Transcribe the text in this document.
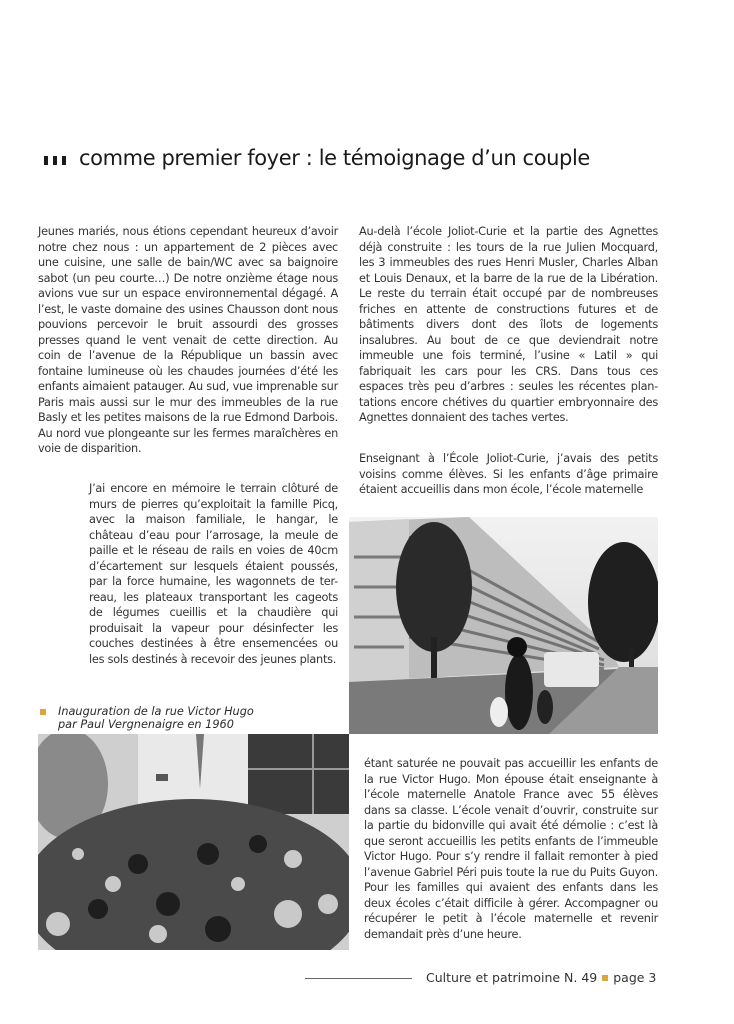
comme premier foyer : le témoignage d’un couple
Jeunes mariés, nous étions cependant heureux d’avoir notre chez nous : un appartement de 2 pièces avec une cuisine, une salle de bain/WC avec sa baignoire sabot (un peu courte…) De notre onzième étage nous avions vue sur un espace environnemental dégagé. A l’est, le vaste domaine des usines Chausson dont nous pouvions percevoir le bruit assourdi des grosses presses quand le vent venait de cette direction. Au coin de l’avenue de la République un bassin avec fontaine lumineuse où les chaudes journées d’été les enfants aimaient patauger. Au sud, vue imprenable sur Paris mais aussi sur le mur des immeubles de la rue Basly et les petites maisons de la rue Edmond Darbois. Au nord vue plongeante sur les fermes maraîchères en voie de disparition.
J’ai encore en mémoire le terrain clôturé de murs de pierres qu’exploitait la famille Picq, avec la maison familiale, le hangar, le château d’eau pour l’arrosage, la meule de paille et le réseau de rails en voies de 40cm d’écartement sur lesquels étaient poussés, par la force humaine, les wagonnets de ter-reau, les plateaux transportant les cageots de légumes cueillis et la chaudière qui produisait la vapeur pour désinfecter les couches destinées à être ensemencées ou les sols destinés à recevoir des jeunes plants.
Au-delà l’école Joliot-Curie et la partie des Agnettes déjà construite : les tours de la rue Julien Mocquard, les 3 immeubles des rues Henri Musler, Charles Alban et Louis Denaux, et la barre de la rue de la Libération. Le reste du terrain était occupé par de nombreuses friches en attente de constructions futures et de bâtiments divers dont des îlots de logements insalubres. Au bout de ce que deviendrait notre immeuble une fois terminé, l’usine « Latil » qui fabriquait les cars pour les CRS. Dans tous ces espaces très peu d’arbres : seules les récentes plan-tations encore chétives du quartier embryonnaire des Agnettes donnaient des taches vertes.
Enseignant à l’École Joliot-Curie, j’avais des petits voisins comme élèves. Si les enfants d’âge primaire étaient accueillis dans mon école, l’école maternelle
étant saturée ne pouvait pas accueillir les enfants de la rue Victor Hugo. Mon épouse était enseignante à l’école maternelle Anatole France avec 55 élèves dans sa classe. L’école venait d’ouvrir, construite sur la partie du bidonville qui avait été démolie : c’est là que seront accueillis les petits enfants de l’immeuble Victor Hugo. Pour s’y rendre il fallait remonter à pied l’avenue Gabriel Péri puis toute la rue du Puits Guyon. Pour les familles qui avaient des enfants dans les deux écoles c’était difficile à gérer. Accompagner ou récupérer le petit à l’école maternelle et revenir demandait près d’une heure.
Inauguration de la rue Victor Hugo
par Paul Vergnenaigre en 1960
Culture et patrimoine N. 49 page 3
